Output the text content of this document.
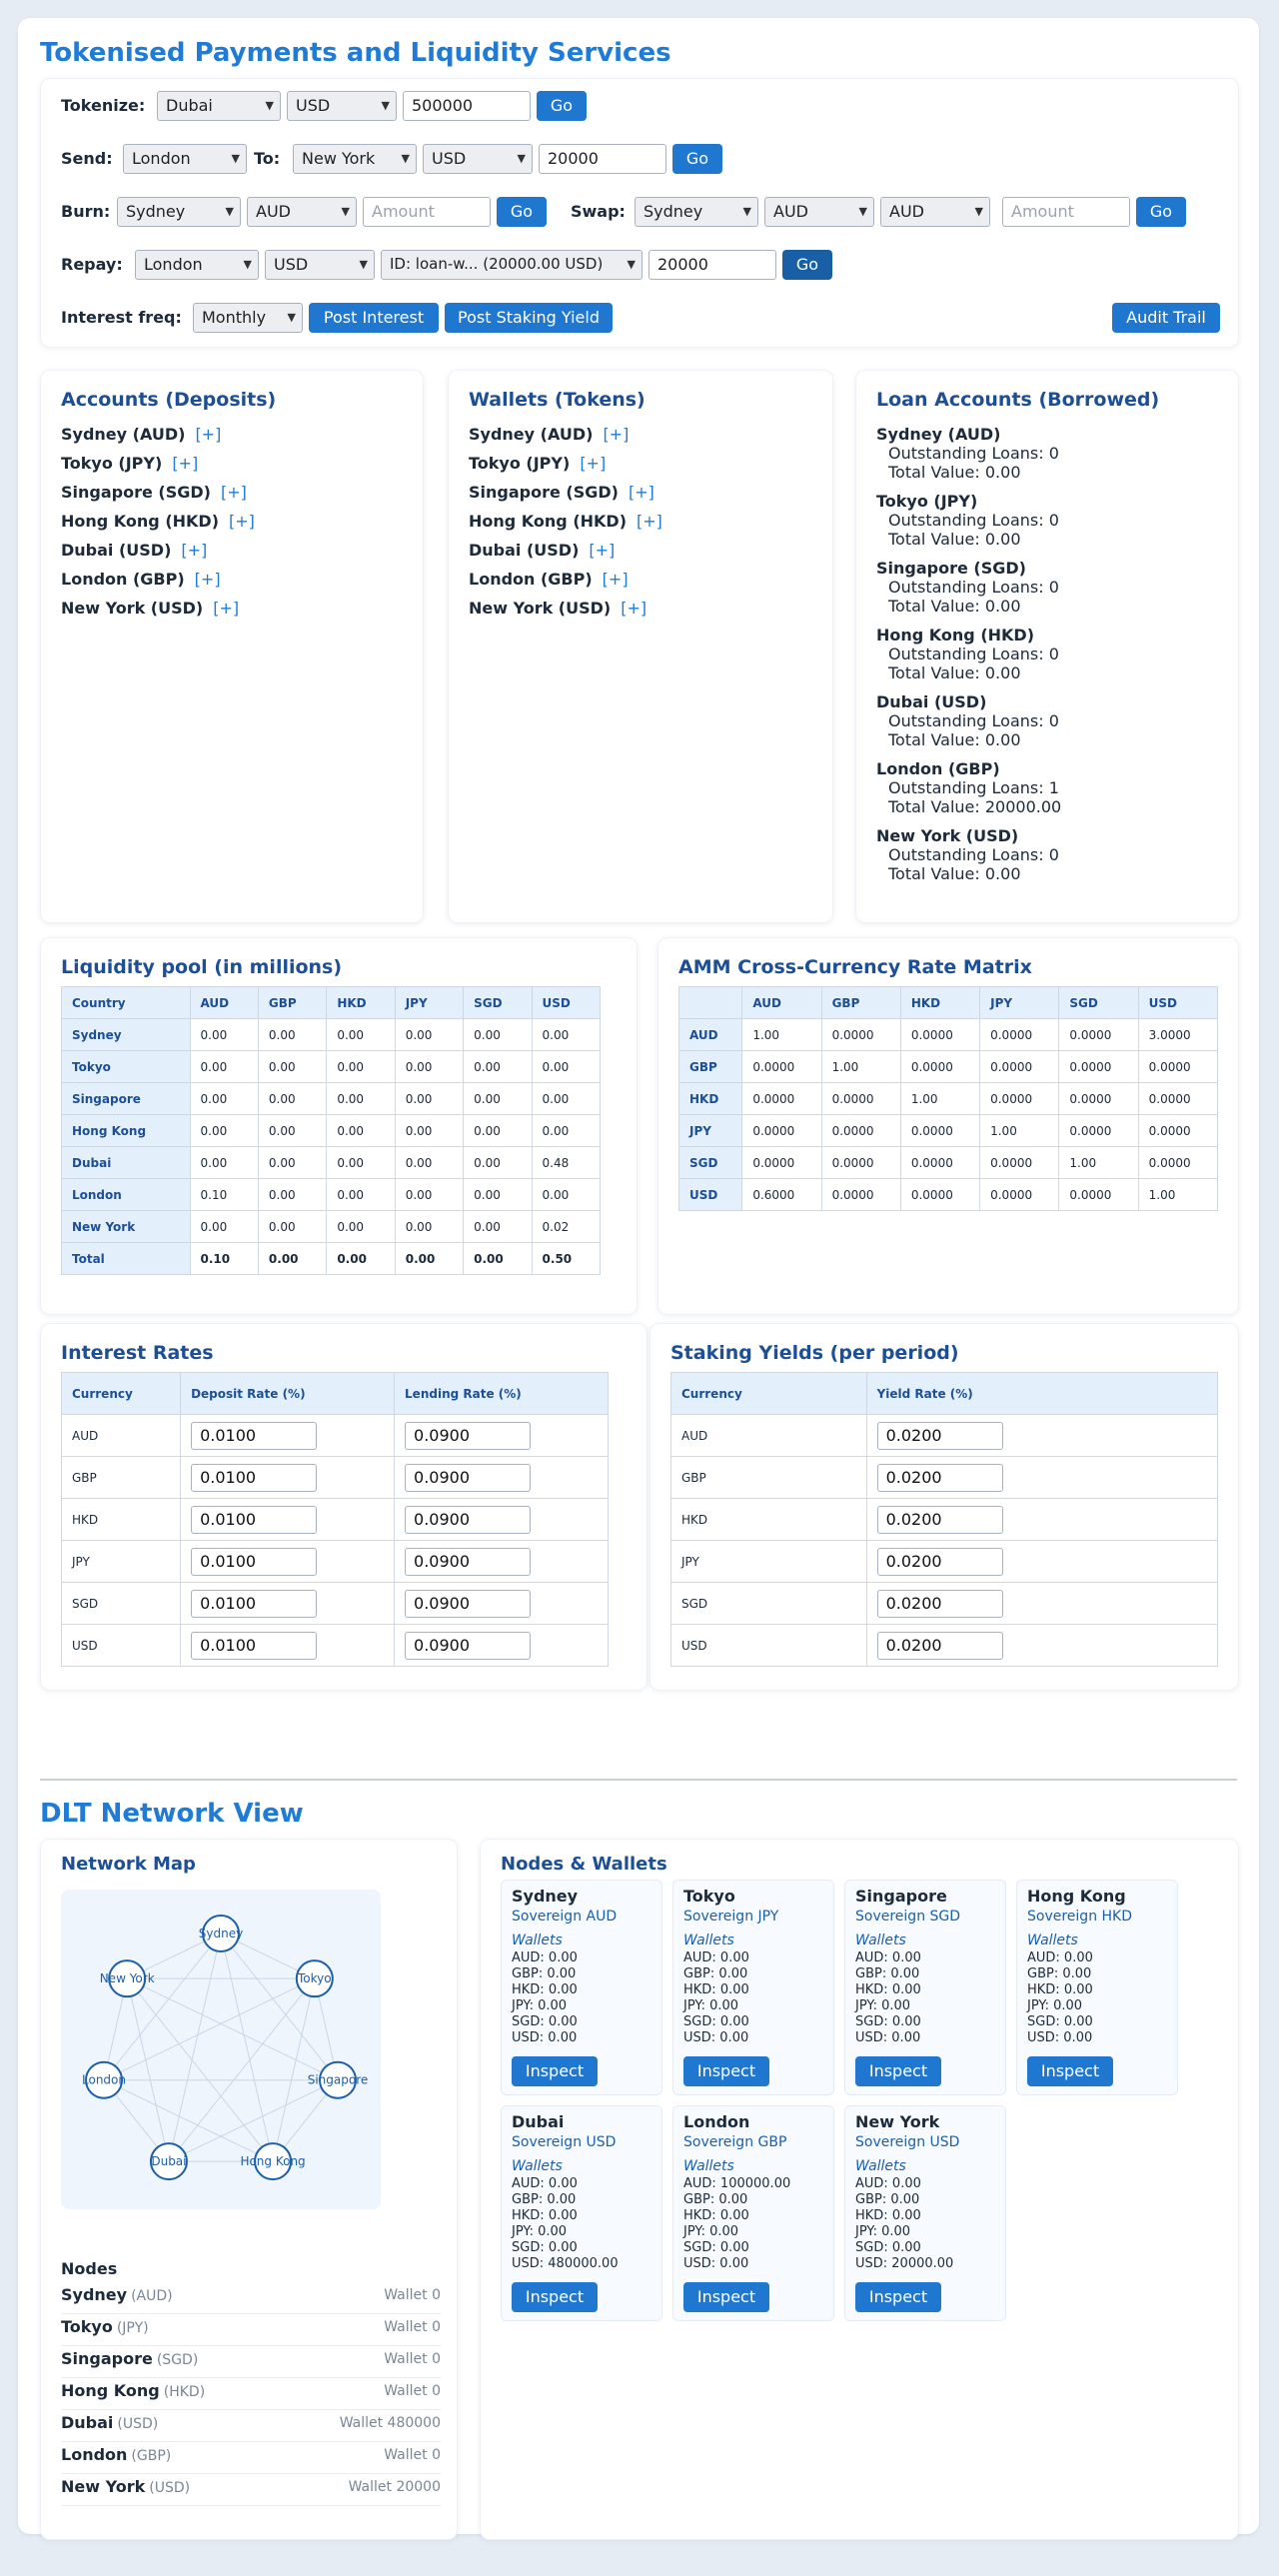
Tokenised Payments and Liquidity Services
Tokenize:	Dubai	▼	USD	▼	500000	Go
Send:	London	▼ To:	New York ▼	USD	▼	20000	Go
Burn: Sydney	▼	AUD	▼	Amount	Go	Swap:	Sydney	▼	AUD	▼	AUD	▼	Amount	Go
Repay:	London	▼	USD	▼	ID: loan-w... (20000.00 USD) ▼	20000	Go
Interest freq:	Monthly ▼	Post Interest	Post Staking Yield	Audit Trail
Accounts (Deposits)
Sydney (AUD) [+]
Tokyo (JPY) [+]
Singapore (SGD) [+]
Hong Kong (HKD) [+]
Dubai (USD) [+]
London (GBP) [+]
New York (USD) [+]
Wallets (Tokens)
Sydney (AUD) [+]
Tokyo (JPY) [+]
Singapore (SGD) [+]
Hong Kong (HKD) [+]
Dubai (USD) [+]
London (GBP) [+]
New York (USD) [+]
Loan Accounts (Borrowed)
Sydney (AUD)
Outstanding Loans: 0
Total Value: 0.00
Tokyo (JPY)
Outstanding Loans: 0
Total Value: 0.00
Singapore (SGD)
Outstanding Loans: 0
Total Value: 0.00
Hong Kong (HKD)
Outstanding Loans: 0
Total Value: 0.00
Dubai (USD)
Outstanding Loans: 0
Total Value: 0.00
London (GBP)
Outstanding Loans: 1
Total Value: 20000.00
New York (USD)
Outstanding Loans: 0
Total Value: 0.00
Liquidity pool (in millions)
Country	AUD	GBP	HKD	JPY	SGD	USD
Sydney	0.00	0.00	0.00	0.00	0.00	0.00
Tokyo	0.00	0.00	0.00	0.00	0.00	0.00
Singapore	0.00	0.00	0.00	0.00	0.00	0.00
Hong Kong	0.00	0.00	0.00	0.00	0.00	0.00
Dubai	0.00	0.00	0.00	0.00	0.00	0.48
London	0.10	0.00	0.00	0.00	0.00	0.00
New York	0.00	0.00	0.00	0.00	0.00	0.02
Total	0.10	0.00	0.00	0.00	0.00	0.50
AMM Cross-Currency Rate Matrix
	AUD	GBP	HKD	JPY	SGD	USD
AUD	1.00	0.0000	0.0000	0.0000	0.0000	3.0000
GBP	0.0000	1.00	0.0000	0.0000	0.0000	0.0000
HKD	0.0000	0.0000	1.00	0.0000	0.0000	0.0000
JPY	0.0000	0.0000	0.0000	1.00	0.0000	0.0000
SGD	0.0000	0.0000	0.0000	0.0000	1.00	0.0000
USD	0.6000	0.0000	0.0000	0.0000	0.0000	1.00
Interest Rates
Currency	Deposit Rate (%)	Lending Rate (%)
AUD	0.0100	0.0900
GBP	0.0100	0.0900
HKD	0.0100	0.0900
JPY	0.0100	0.0900
SGD	0.0100	0.0900
USD	0.0100	0.0900
Staking Yields (per period)
Currency	Yield Rate (%)
AUD	0.0200
GBP	0.0200
HKD	0.0200
JPY	0.0200
SGD	0.0200
USD	0.0200
DLT Network View
Network Map
Sydney
Tokyo
Singapore
Hong Kong
Dubai
London
New York
Nodes
Sydney (AUD)	Wallet 0
Tokyo (JPY)	Wallet 0
Singapore (SGD)	Wallet 0
Hong Kong (HKD)	Wallet 0
Dubai (USD)	Wallet 480000
London (GBP)	Wallet 0
New York (USD)	Wallet 20000
Nodes & Wallets
Sydney
Sovereign AUD
Wallets
AUD: 0.00
GBP: 0.00
HKD: 0.00
JPY: 0.00
SGD: 0.00
USD: 0.00
Inspect
Tokyo
Sovereign JPY
Wallets
AUD: 0.00
GBP: 0.00
HKD: 0.00
JPY: 0.00
SGD: 0.00
USD: 0.00
Inspect
Singapore
Sovereign SGD
Wallets
AUD: 0.00
GBP: 0.00
HKD: 0.00
JPY: 0.00
SGD: 0.00
USD: 0.00
Inspect
Hong Kong
Sovereign HKD
Wallets
AUD: 0.00
GBP: 0.00
HKD: 0.00
JPY: 0.00
SGD: 0.00
USD: 0.00
Inspect
Dubai
Sovereign USD
Wallets
AUD: 0.00
GBP: 0.00
HKD: 0.00
JPY: 0.00
SGD: 0.00
USD: 480000.00
Inspect
London
Sovereign GBP
Wallets
AUD: 100000.00
GBP: 0.00
HKD: 0.00
JPY: 0.00
SGD: 0.00
USD: 0.00
Inspect
New York
Sovereign USD
Wallets
AUD: 0.00
GBP: 0.00
HKD: 0.00
JPY: 0.00
SGD: 0.00
USD: 20000.00
Inspect
